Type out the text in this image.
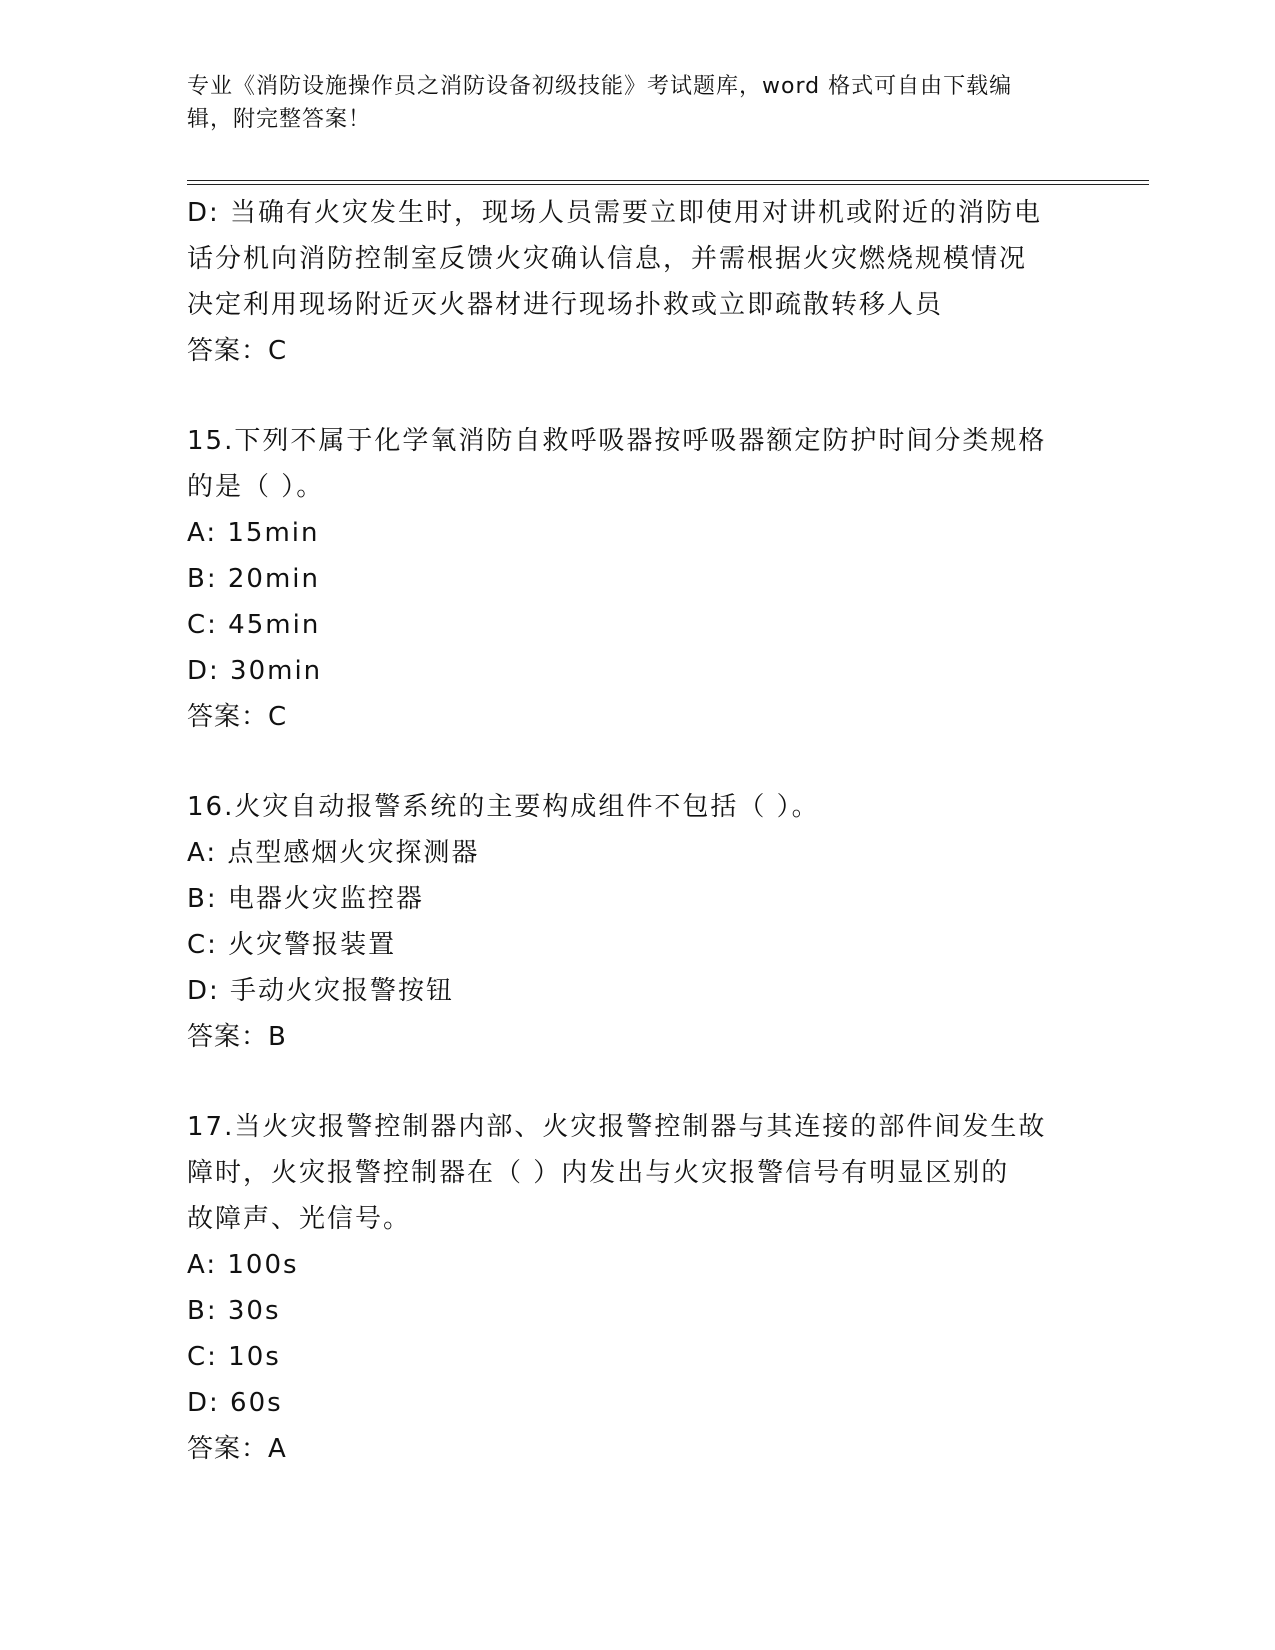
专业《消防设施操作员之消防设备初级技能》考试题库，word 格式可自由下载编
辑，附完整答案！
D: 当确有火灾发生时，现场人员需要立即使用对讲机或附近的消防电
话分机向消防控制室反馈火灾确认信息，并需根据火灾燃烧规模情况
决定利用现场附近灭火器材进行现场扑救或立即疏散转移人员
答案：C
15.下列不属于化学氧消防自救呼吸器按呼吸器额定防护时间分类规格
的是（ ）。
A: 15min
B: 20min
C: 45min
D: 30min
答案：C
16.火灾自动报警系统的主要构成组件不包括（ ）。
A: 点型感烟火灾探测器
B: 电器火灾监控器
C: 火灾警报装置
D: 手动火灾报警按钮
答案：B
17.当火灾报警控制器内部、火灾报警控制器与其连接的部件间发生故
障时，火灾报警控制器在（ ）内发出与火灾报警信号有明显区别的
故障声、光信号。
A: 100s
B: 30s
C: 10s
D: 60s
答案：A
